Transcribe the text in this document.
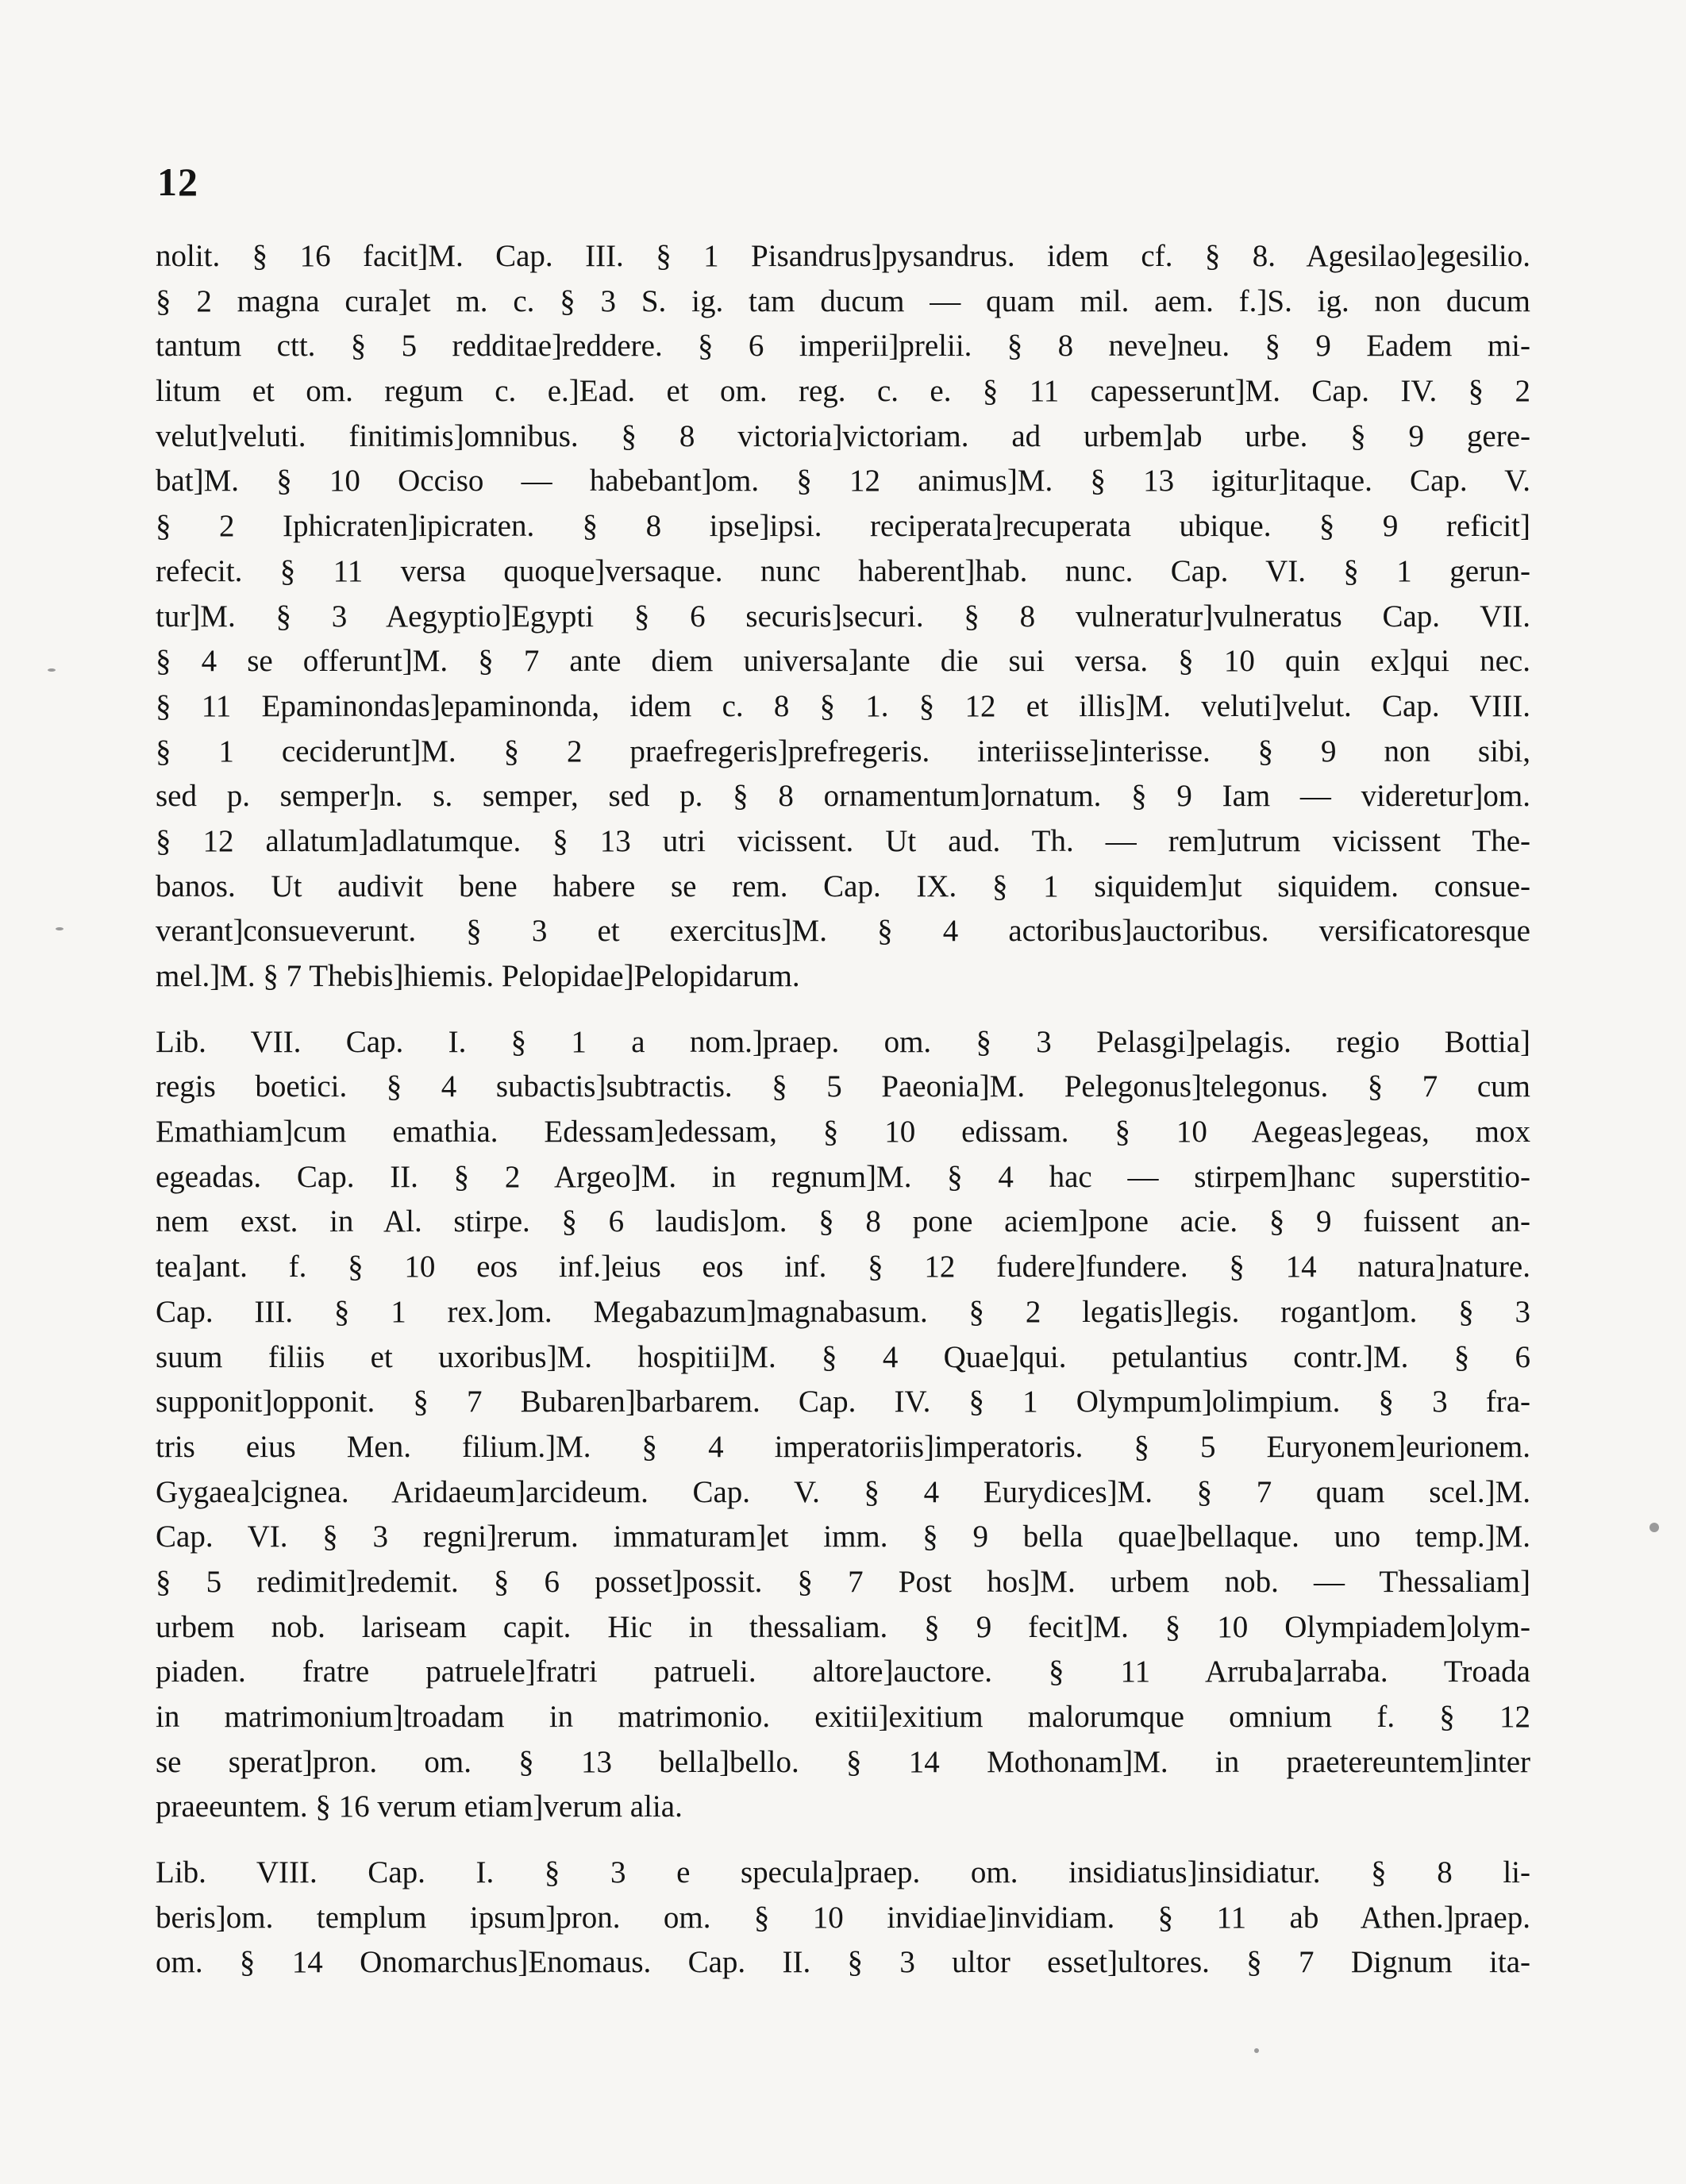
12
nolit. § 16 facit]M. Cap. III. § 1 Pisandrus]pysandrus. idem cf. § 8. Agesilao]egesilio.
§ 2 magna cura]et m. c. § 3 S. ig. tam ducum — quam mil. aem. f.]S. ig. non ducum
tantum ctt. § 5 redditae]reddere. § 6 imperii]prelii. § 8 neve]neu. § 9 Eadem mi-
litum et om. regum c. e.]Ead. et om. reg. c. e. § 11 capesserunt]M. Cap. IV. § 2
velut]veluti. finitimis]omnibus. § 8 victoria]victoriam. ad urbem]ab urbe. § 9 gere-
bat]M. § 10 Occiso — habebant]om. § 12 animus]M. § 13 igitur]itaque. Cap. V.
§ 2 Iphicraten]ipicraten. § 8 ipse]ipsi. reciperata]recuperata ubique. § 9 reficit]
refecit. § 11 versa quoque]versaque. nunc haberent]hab. nunc. Cap. VI. § 1 gerun-
tur]M. § 3 Aegyptio]Egypti § 6 securis]securi. § 8 vulneratur]vulneratus Cap. VII.
§ 4 se offerunt]M. § 7 ante diem universa]ante die sui versa. § 10 quin ex]qui nec.
§ 11 Epaminondas]epaminonda, idem c. 8 § 1. § 12 et illis]M. veluti]velut. Cap. VIII.
§ 1 ceciderunt]M. § 2 praefregeris]prefregeris. interiisse]interisse. § 9 non sibi,
sed p. semper]n. s. semper, sed p. § 8 ornamentum]ornatum. § 9 Iam — videretur]om.
§ 12 allatum]adlatumque. § 13 utri vicissent. Ut aud. Th. — rem]utrum vicissent The-
banos. Ut audivit bene habere se rem. Cap. IX. § 1 siquidem]ut siquidem. consue-
verant]consueverunt. § 3 et exercitus]M. § 4 actoribus]auctoribus. versificatoresque
mel.]M. § 7 Thebis]hiemis. Pelopidae]Pelopidarum.
Lib. VII. Cap. I. § 1 a nom.]praep. om. § 3 Pelasgi]pelagis. regio Bottia]
regis boetici. § 4 subactis]subtractis. § 5 Paeonia]M. Pelegonus]telegonus. § 7 cum
Emathiam]cum emathia. Edessam]edessam, § 10 edissam. § 10 Aegeas]egeas, mox
egeadas. Cap. II. § 2 Argeo]M. in regnum]M. § 4 hac — stirpem]hanc superstitio-
nem exst. in Al. stirpe. § 6 laudis]om. § 8 pone aciem]pone acie. § 9 fuissent an-
tea]ant. f. § 10 eos inf.]eius eos inf. § 12 fudere]fundere. § 14 natura]nature.
Cap. III. § 1 rex.]om. Megabazum]magnabasum. § 2 legatis]legis. rogant]om. § 3
suum filiis et uxoribus]M. hospitii]M. § 4 Quae]qui. petulantius contr.]M. § 6
supponit]opponit. § 7 Bubaren]barbarem. Cap. IV. § 1 Olympum]olimpium. § 3 fra-
tris eius Men. filium.]M. § 4 imperatoriis]imperatoris. § 5 Euryonem]eurionem.
Gygaea]cignea. Aridaeum]arcideum. Cap. V. § 4 Eurydices]M. § 7 quam scel.]M.
Cap. VI. § 3 regni]rerum. immaturam]et imm. § 9 bella quae]bellaque. uno temp.]M.
§ 5 redimit]redemit. § 6 posset]possit. § 7 Post hos]M. urbem nob. — Thessaliam]
urbem nob. lariseam capit. Hic in thessaliam. § 9 fecit]M. § 10 Olympiadem]olym-
piaden. fratre patruele]fratri patrueli. altore]auctore. § 11 Arruba]arraba. Troada
in matrimonium]troadam in matrimonio. exitii]exitium malorumque omnium f. § 12
se sperat]pron. om. § 13 bella]bello. § 14 Mothonam]M. in praetereuntem]inter
praeeuntem. § 16 verum etiam]verum alia.
Lib. VIII. Cap. I. § 3 e specula]praep. om. insidiatus]insidiatur. § 8 li-
beris]om. templum ipsum]pron. om. § 10 invidiae]invidiam. § 11 ab Athen.]praep.
om. § 14 Onomarchus]Enomaus. Cap. II. § 3 ultor esset]ultores. § 7 Dignum ita-
